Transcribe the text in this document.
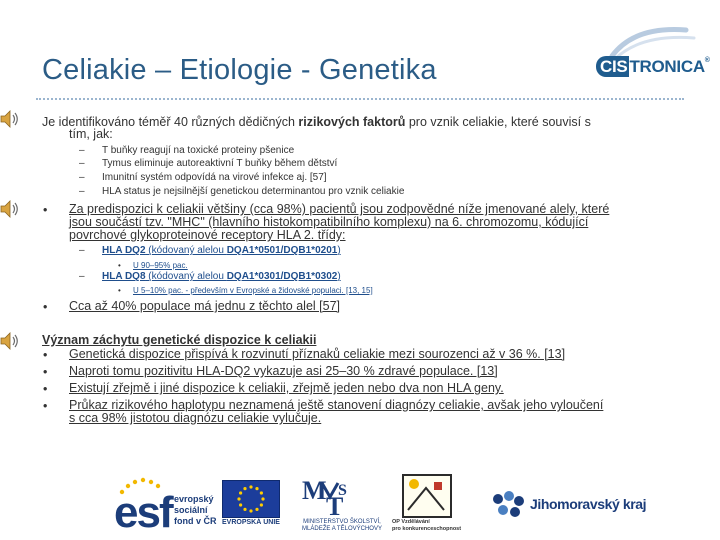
Celiakie – Etiologie - Genetika	CIS TRONICA®
Je identifikováno téměř 40 různých dědičných rizikových faktorů pro vznik celiakie, které souvisí s
tím, jak:
– T buňky reagují na toxické proteiny pšenice
– Tymus eliminuje autoreaktivní T buňky během dětství
– Imunitní systém odpovídá na virové infekce aj. [57]
– HLA status je nejsilnější genetickou determinantou pro vznik celiakie
• Za predispozici k celiakii většiny (cca 98%) pacientů jsou zodpovědné níže jmenované alely, které
jsou součástí tzv. "MHC" (hlavního histokompatibilního komplexu) na 6. chromozomu, kódující
povrchové glykoproteinové receptory HLA 2. třídy:
– HLA DQ2 (kódovaný alelou DQA1*0501/DQB1*0201)
• U 90–95% pac.
– HLA DQ8 (kódovaný alelou DQA1*0301/DQB1*0302)
• U 5–10% pac. - především v Evropské a židovské populaci. [13, 15]
• Cca až 40% populace má jednu z těchto alel [57]
Význam záchytu genetické dispozice k celiakii
• Genetická dispozice přispívá k rozvinutí příznaků celiakie mezi sourozenci až v 36 %. [13]
• Naproti tomu pozitivitu HLA-DQ2 vykazuje asi 25–30 % zdravé populace. [13]
• Existují zřejmě i jiné dispozice k celiakii, zřejmě jeden nebo dva non HLA geny.
• Průkaz rizikového haplotypu neznamená ještě stanovení diagnózy celiakie, avšak jeho vyloučení
s cca 98% jistotou diagnózu celiakie vylučuje.
esf evropský
sociální
fond v ČR EVROPSKÁ UNIE
M
T
S
MINISTERSTVO ŠKOLSTVÍ,
MLÁDEŽE A TĚLOVÝCHOVY
OP Vzdělávání
pro konkurenceschopnost
Jihomoravský kraj
